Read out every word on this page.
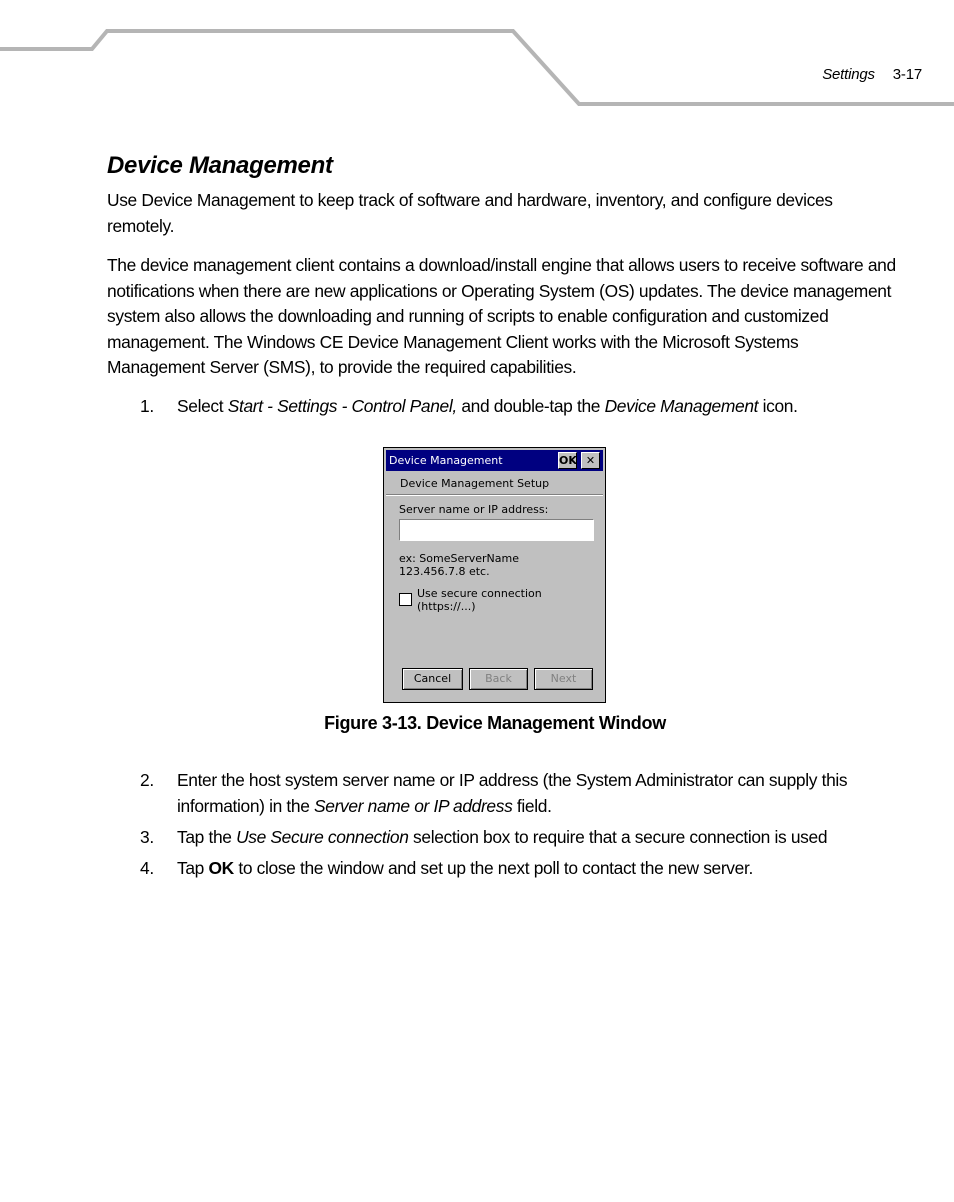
Settings 3-17
Device Management

Use Device Management to keep track of software and hardware, inventory, and configure devices remotely.

The device management client contains a download/install engine that allows users to receive software and notifications when there are new applications or Operating System (OS) updates. The device management system also allows the downloading and running of scripts to enable configuration and customized management. The Windows CE Device Management Client works with the Microsoft Systems Management Server (SMS), to provide the required capabilities.

1. Select Start - Settings - Control Panel, and double-tap the Device Management icon.
Device Management	OK ✕
Device Management Setup
Server name or IP address:
ex: SomeServerName
123.456.7.8 etc.
Use secure connection
(https://...)
Cancel	Back	Next

Figure 3-13. Device Management Window

2. Enter the host system server name or IP address (the System Administrator can supply this information) in the Server name or IP address field.
3. Tap the Use Secure connection selection box to require that a secure connection is used
4. Tap OK to close the window and set up the next poll to contact the new server.
